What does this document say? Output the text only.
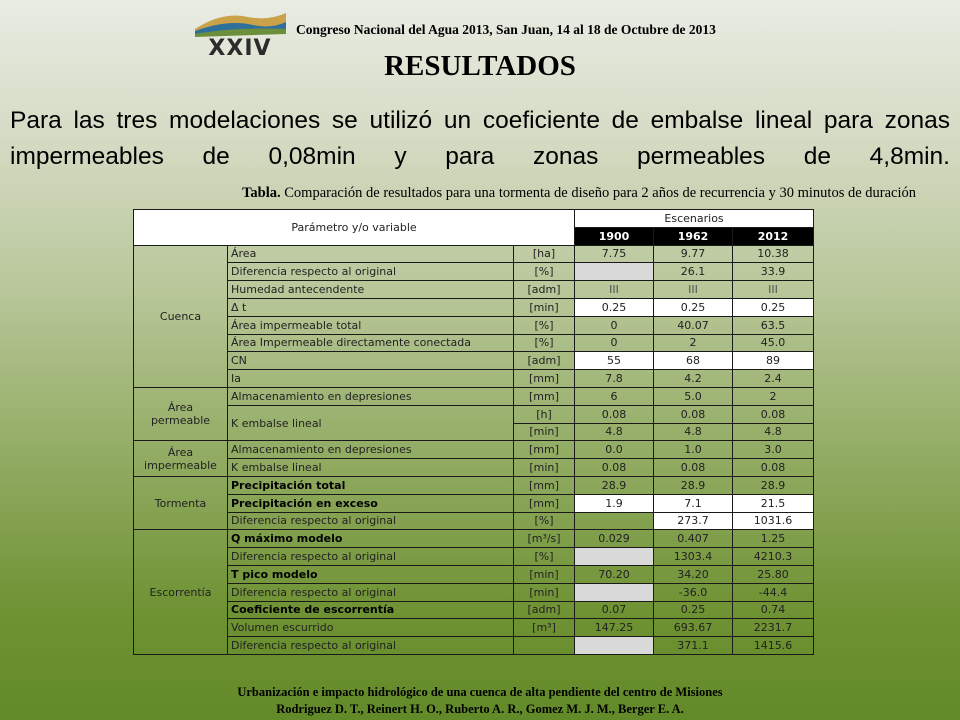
XXIV
Congreso Nacional del Agua 2013, San Juan, 14 al 18 de Octubre de 2013
RESULTADOS
Para las tres modelaciones se utilizó un coeficiente de embalse lineal para zonas impermeables de 0,08min y para zonas permeables de 4,8min.
Tabla. Comparación de resultados para una tormenta de diseño para 2 años de recurrencia y 30 minutos de duración
Parámetro y/o variable			Escenarios		
			1900	1962	2012
Cuenca	Área	[ha]	7.75	9.77	10.38
	Diferencia respecto al original	[%]		26.1	33.9
	Humedad antecendente	[adm]	III	III	III
	Δ t	[min]	0.25	0.25	0.25
	Área impermeable total	[%]	0	40.07	63.5
	Área Impermeable directamente conectada	[%]	0	2	45.0
	CN	[adm]	55	68	89
	Ia	[mm]	7.8	4.2	2.4
Área permeable	Almacenamiento en depresiones	[mm]	6	5.0	2
	K embalse lineal	[h]	0.08	0.08	0.08
		[min]	4.8	4.8	4.8
Área impermeable	Almacenamiento en depresiones	[mm]	0.0	1.0	3.0
	K embalse lineal	[min]	0.08	0.08	0.08
Tormenta	Precipitación total	[mm]	28.9	28.9	28.9
	Precipitación en exceso	[mm]	1.9	7.1	21.5
	Diferencia respecto al original	[%]		273.7	1031.6
Escorrentía	Q máximo modelo	[m³/s]	0.029	0.407	1.25
	Diferencia respecto al original	[%]		1303.4	4210.3
	T pico modelo	[min]	70.20	34.20	25.80
	Diferencia respecto al original	[min]		-36.0	-44.4
	Coeficiente de escorrentía	[adm]	0.07	0.25	0.74
	Volumen escurrido	[m³]	147.25	693.67	2231.7
	Diferencia respecto al original			371.1	1415.6
Urbanización e impacto hidrológico de una cuenca de alta pendiente del centro de Misiones
Rodriguez D. T., Reinert H. O., Ruberto A. R., Gomez M. J. M., Berger E. A.
